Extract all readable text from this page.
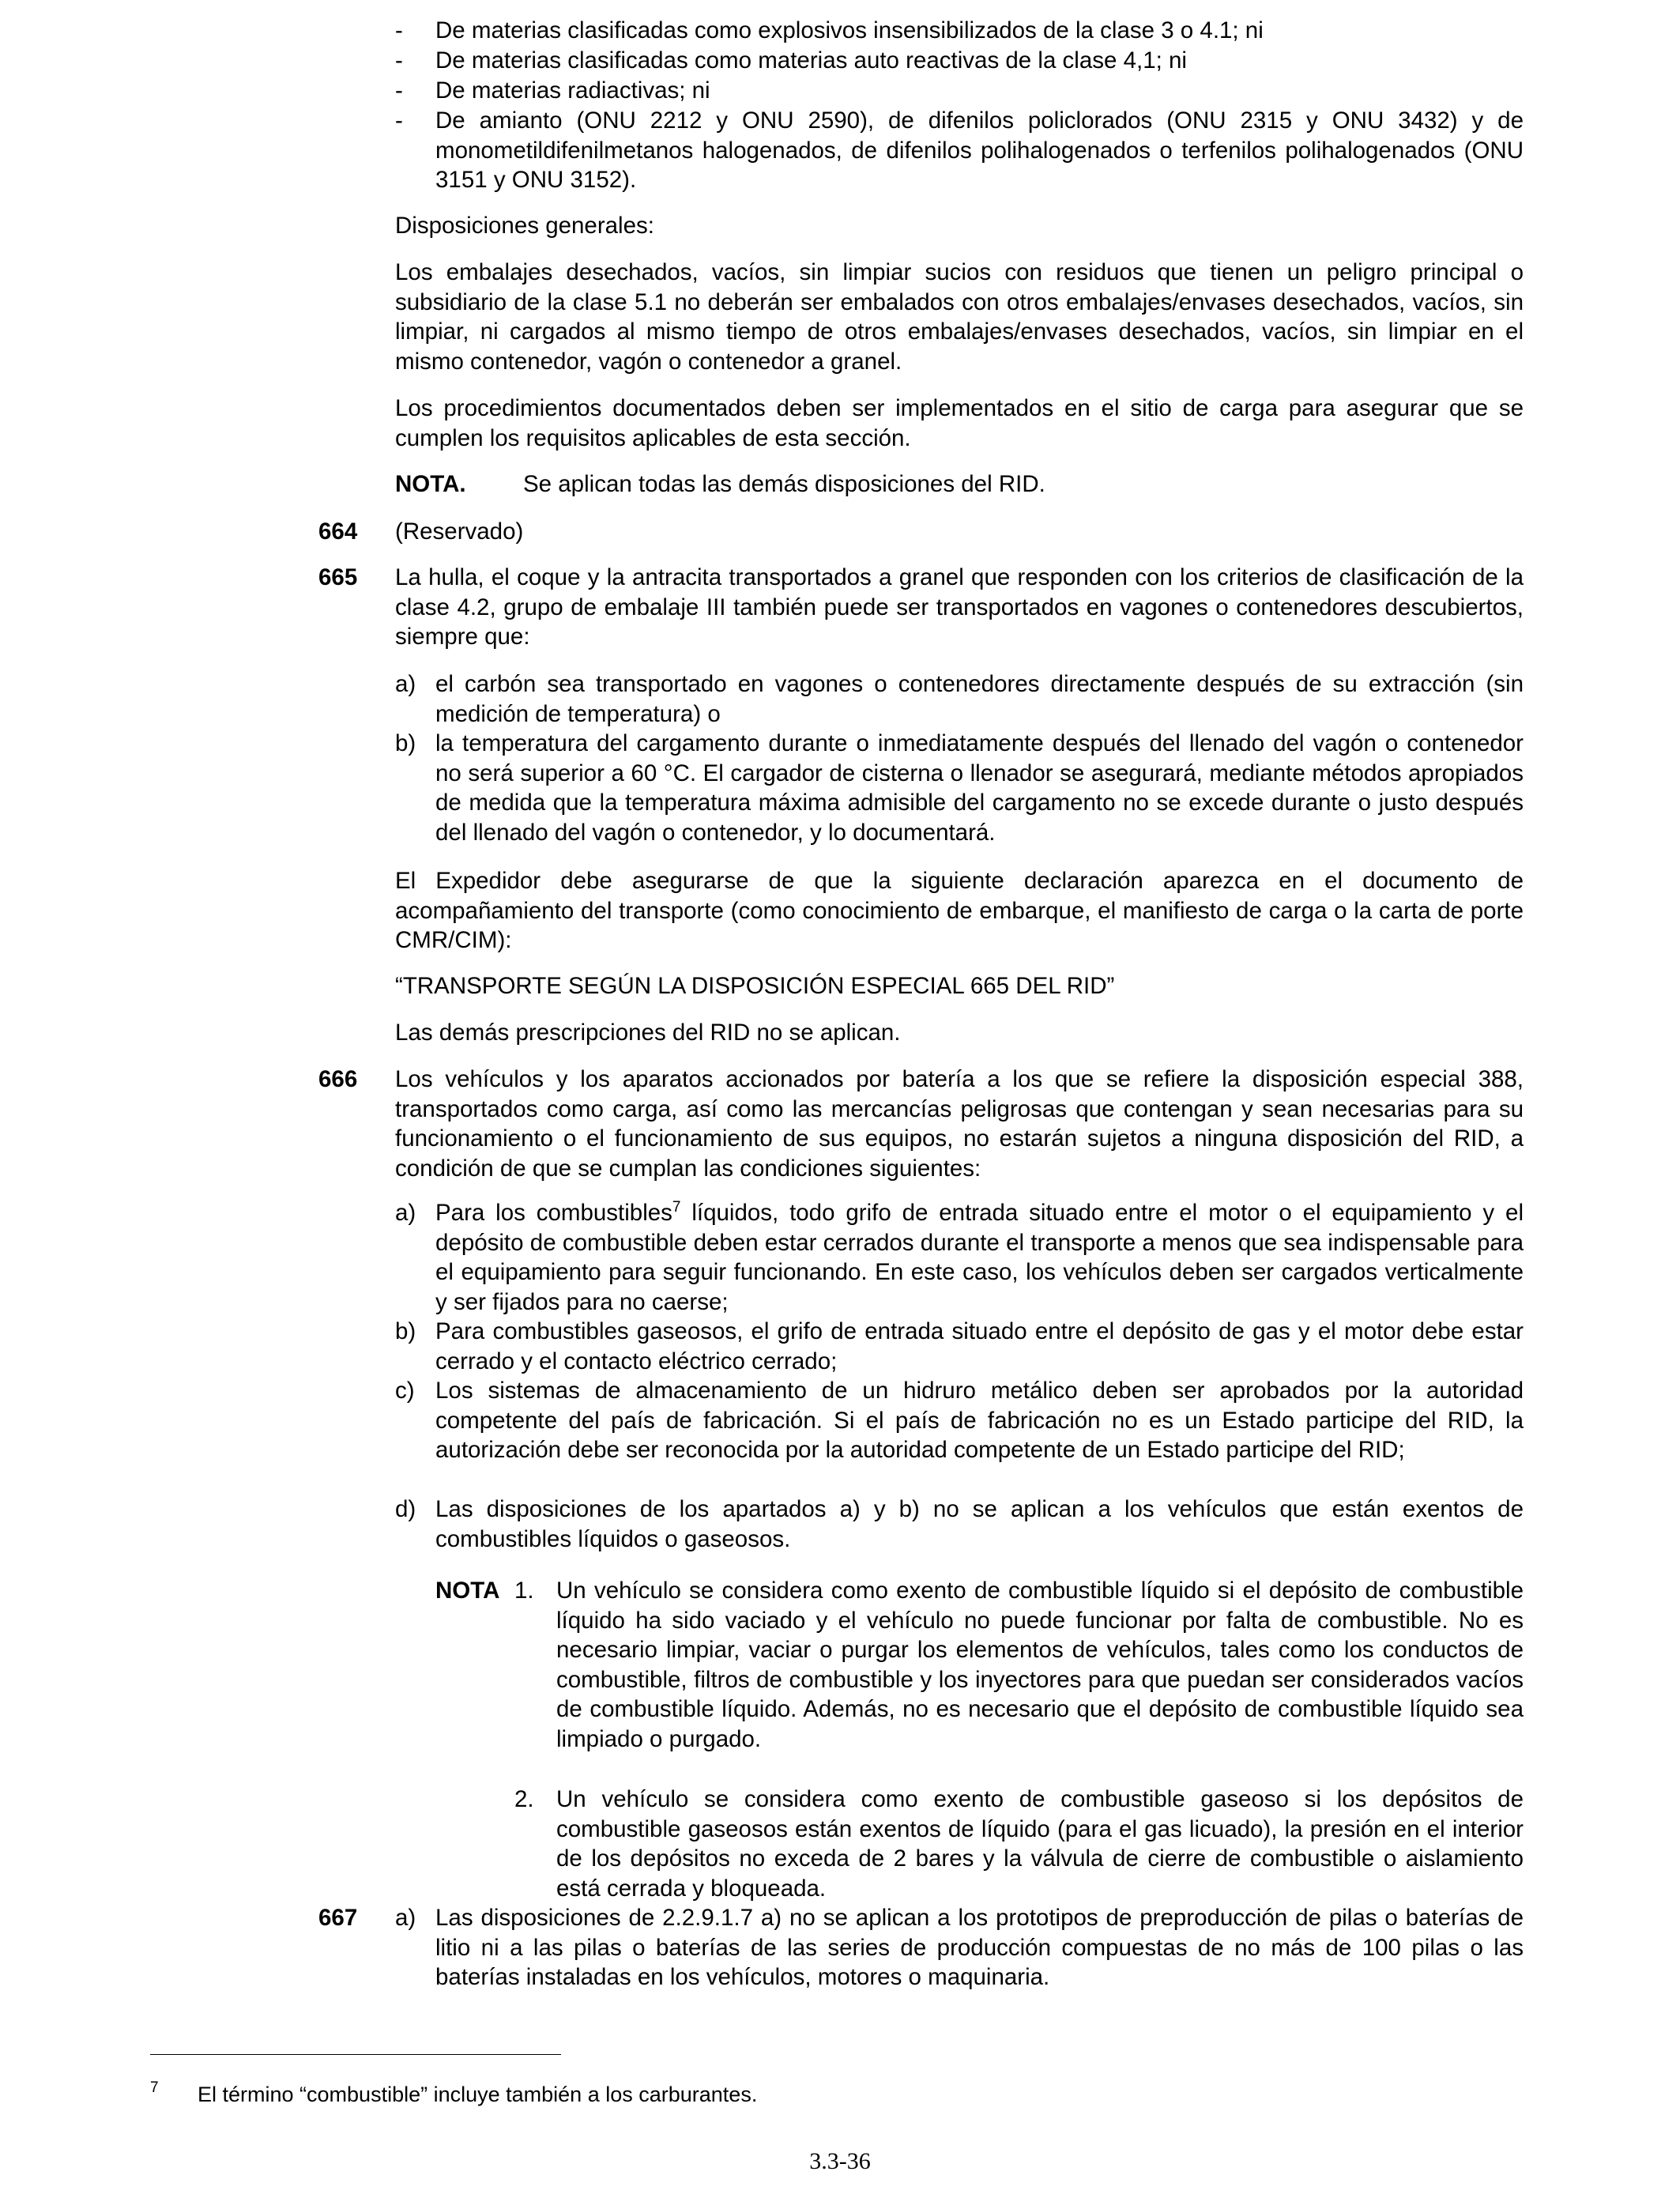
- De materias clasificadas como explosivos insensibilizados de la clase 3 o 4.1; ni
- De materias clasificadas como materias auto reactivas de la clase 4,1; ni
- De materias radiactivas; ni
- De amianto (ONU 2212 y ONU 2590), de difenilos policlorados (ONU 2315 y ONU 3432) y de monometildifenilmetanos halogenados, de difenilos polihalogenados o terfenilos polihalogenados (ONU 3151 y ONU 3152).

Disposiciones generales:

Los embalajes desechados, vacíos, sin limpiar sucios con residuos que tienen un peligro principal o subsidiario de la clase 5.1 no deberán ser embalados con otros embalajes/envases desechados, vacíos, sin limpiar, ni cargados al mismo tiempo de otros embalajes/envases desechados, vacíos, sin limpiar en el mismo contenedor, vagón o contenedor a granel.

Los procedimientos documentados deben ser implementados en el sitio de carga para asegurar que se cumplen los requisitos aplicables de esta sección.

NOTA. Se aplican todas las demás disposiciones del RID.

664 (Reservado)

665 La hulla, el coque y la antracita transportados a granel que responden con los criterios de clasificación de la clase 4.2, grupo de embalaje III también puede ser transportados en vagones o contenedores descubiertos, siempre que:

a) el carbón sea transportado en vagones o contenedores directamente después de su extracción (sin medición de temperatura) o
b) la temperatura del cargamento durante o inmediatamente después del llenado del vagón o contenedor no será superior a 60 °C. El cargador de cisterna o llenador se asegurará, mediante métodos apropiados de medida que la temperatura máxima admisible del cargamento no se excede durante o justo después del llenado del vagón o contenedor, y lo documentará.

El Expedidor debe asegurarse de que la siguiente declaración aparezca en el documento de acompañamiento del transporte (como conocimiento de embarque, el manifiesto de carga o la carta de porte CMR/CIM):

“TRANSPORTE SEGÚN LA DISPOSICIÓN ESPECIAL 665 DEL RID”

Las demás prescripciones del RID no se aplican.

666 Los vehículos y los aparatos accionados por batería a los que se refiere la disposición especial 388, transportados como carga, así como las mercancías peligrosas que contengan y sean necesarias para su funcionamiento o el funcionamiento de sus equipos, no estarán sujetos a ninguna disposición del RID, a condición de que se cumplan las condiciones siguientes:

a) Para los combustibles$^7$ líquidos, todo grifo de entrada situado entre el motor o el equipamiento y el depósito de combustible deben estar cerrados durante el transporte a menos que sea indispensable para el equipamiento para seguir funcionando. En este caso, los vehículos deben ser cargados verticalmente y ser fijados para no caerse;
b) Para combustibles gaseosos, el grifo de entrada situado entre el depósito de gas y el motor debe estar cerrado y el contacto eléctrico cerrado;
c) Los sistemas de almacenamiento de un hidruro metálico deben ser aprobados por la autoridad competente del país de fabricación. Si el país de fabricación no es un Estado participe del RID, la autorización debe ser reconocida por la autoridad competente de un Estado participe del RID;
d) Las disposiciones de los apartados a) y b) no se aplican a los vehículos que están exentos de combustibles líquidos o gaseosos.
NOTA 1. Un vehículo se considera como exento de combustible líquido si el depósito de combustible líquido ha sido vaciado y el vehículo no puede funcionar por falta de combustible. No es necesario limpiar, vaciar o purgar los elementos de vehículos, tales como los conductos de combustible, filtros de combustible y los inyectores para que puedan ser considerados vacíos de combustible líquido. Además, no es necesario que el depósito de combustible líquido sea limpiado o purgado.
2. Un vehículo se considera como exento de combustible gaseoso si los depósitos de combustible gaseosos están exentos de líquido (para el gas licuado), la presión en el interior de los depósitos no exceda de 2 bares y la válvula de cierre de combustible o aislamiento está cerrada y bloqueada.

667 a) Las disposiciones de 2.2.9.1.7 a) no se aplican a los prototipos de preproducción de pilas o baterías de litio ni a las pilas o baterías de las series de producción compuestas de no más de 100 pilas o las baterías instaladas en los vehículos, motores o maquinaria.
7 El término “combustible” incluye también a los carburantes.
3.3-36
